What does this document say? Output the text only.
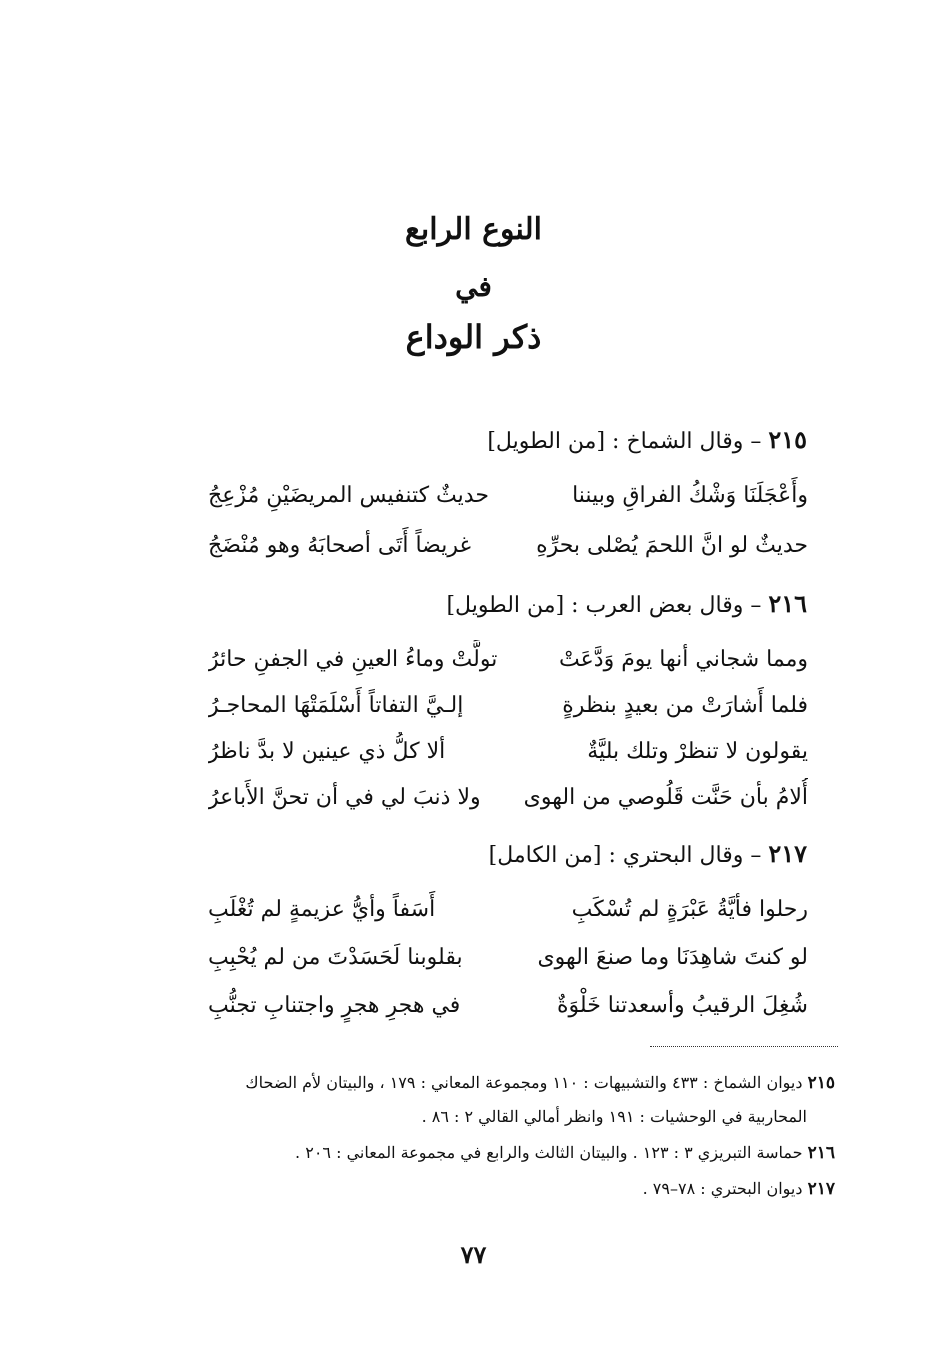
النوع الرابع
في
ذكر الوداع
٢١٥ – وقال الشماخ : [من الطويل]
وأَعْجَلَنَا وَشْكُ الفراقِ وبيننا
حديثٌ كتنفيس المريضَيْنِ مُزْعِجُ
حديثٌ لو انَّ اللحمَ يُصْلى بحرِّهِ
غريضاً أَتَى أصحابَهُ وهو مُنْضَجُ
٢١٦ – وقال بعض العرب : [من الطويل]
ومما شجاني أنها يومَ وَدَّعَتْ
تولَّتْ وماءُ العينِ في الجفنِ حائرُ
فلما أَشارَتْ من بعيدٍ بنظرةٍ
إلـيَّ التفاتاً أَسْلَمَتْهَا المحاجـرُ
يقولون لا تنظرْ وتلك بليَّةٌ
ألا كلُّ ذي عينين لا بدَّ ناظرُ
أُلامُ بأن حَنَّت قَلُوصي من الهوى
ولا ذنبَ لي في أن تحنَّ الأَباعرُ
٢١٧ – وقال البحتري : [من الكامل]
رحلوا فأيَّةُ عَبْرَةٍ لم تُسْكَبِ
أَسَفاً وأيُّ عزيمةٍ لم تُغْلَبِ
لو كنتَ شاهِدَنَا وما صنعَ الهوى
بقلوبنا لَحَسَدْتَ من لم يُحْبِبِ
شُغِلَ الرقيبُ وأسعدتنا خَلْوَةٌ
في هجرِ هجرٍ واجتنابِ تجنُّبِ
٢١٥ ديوان الشماخ : ٤٣٣ والتشبيهات : ١١٠ ومجموعة المعاني : ١٧٩ ، والبيتان لأم الضحاك
المحاربية في الوحشيات : ١٩١ وانظر أمالي القالي ٢ : ٨٦ .
٢١٦ حماسة التبريزي ٣ : ١٢٣ . والبيتان الثالث والرابع في مجموعة المعاني : ٢٠٦ .
٢١٧ ديوان البحتري : ٧٨–٧٩ .
٧٧
